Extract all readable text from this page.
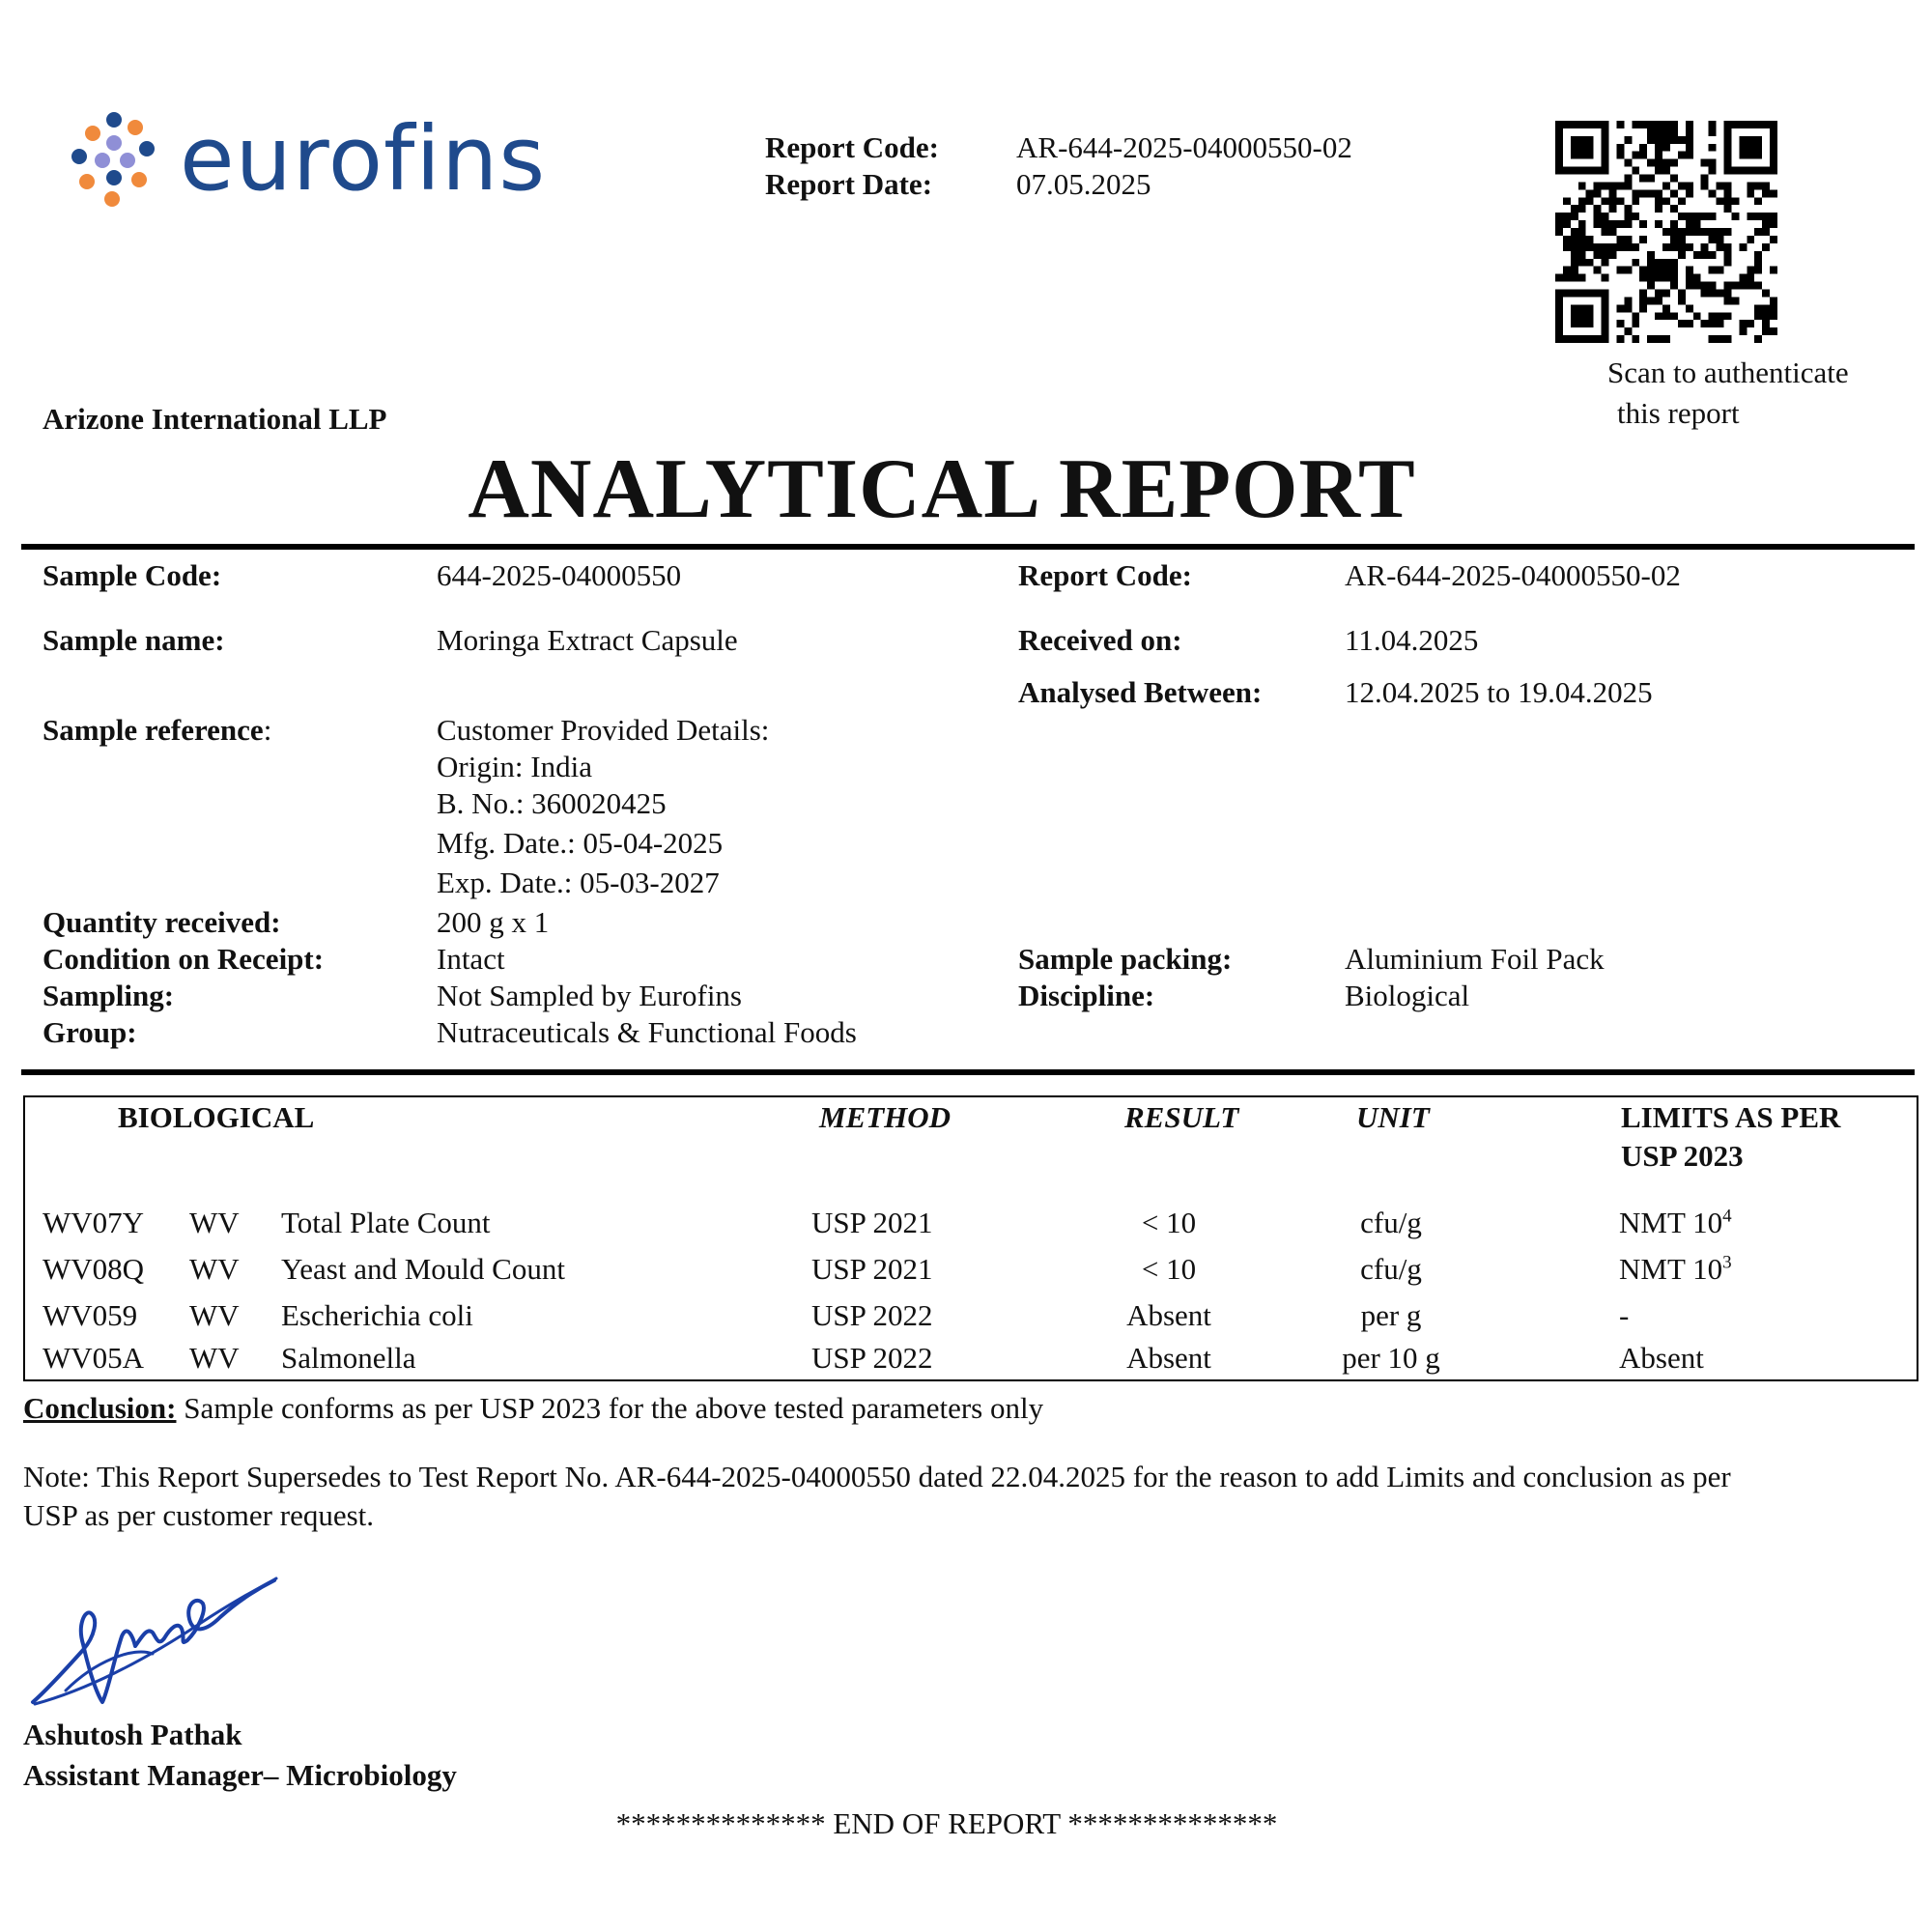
eurofins	Report Code:	AR-644-2025-04000550-02
Report Date:	07.05.2025
Scan to authenticate
this report
Arizone International LLP
ANALYTICAL REPORT
Sample Code:	644-2025-04000550	Report Code:	AR-644-2025-04000550-02
Sample name:	Moringa Extract Capsule	Received on:	11.04.2025
Analysed Between:	12.04.2025 to 19.04.2025
Sample reference:	Customer Provided Details:
Origin: India
B. No.: 360020425
Mfg. Date.: 05-04-2025
Exp. Date.: 05-03-2027
Quantity received:	200 g x 1
Condition on Receipt:	Intact	Sample packing:	Aluminium Foil Pack
Sampling:	Not Sampled by Eurofins	Discipline:	Biological
Group:	Nutraceuticals & Functional Foods
BIOLOGICAL	METHOD	RESULT	UNIT	LIMITS AS PER
USP 2023
WV07Y WV Total Plate Count	USP 2021	< 10	cfu/g	NMT $10^4$
WV08Q WV Yeast and Mould Count	USP 2021	< 10	cfu/g	NMT $10^3$
WV059 WV Escherichia coli	USP 2022	Absent	per g	-
WV05A WV Salmonella	USP 2022	Absent	per 10 g	Absent
Conclusion: Sample conforms as per USP 2023 for the above tested parameters only
Note: This Report Supersedes to Test Report No. AR-644-2025-04000550 dated 22.04.2025 for the reason to add Limits and conclusion as per
USP as per customer request.
Ashutosh Pathak
Assistant Manager– Microbiology
************** END OF REPORT **************
